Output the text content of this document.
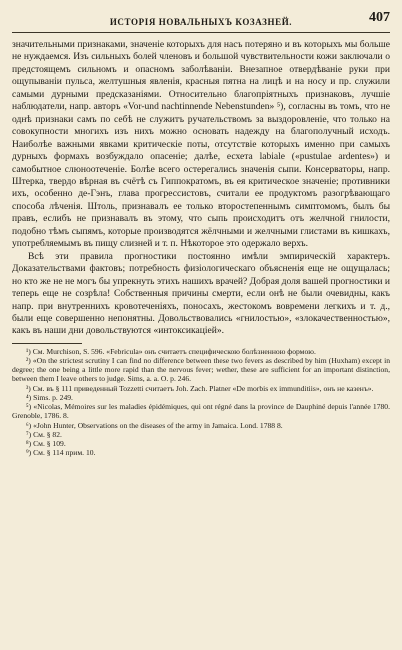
ИСТОРІЯ НОВАЛЬНЫХЪ КОЗАЗНЕЙ.	407

значительными признаками, значеніе которыхъ для насъ потеряно и въ которыхъ мы больше не нуждаемся. Изъ сильныхъ болей членовъ и большой чувствительности кожи заключали о предстоящемъ сильномъ и опасномъ заболѣваніи. Внезапное отвердѣваніе руки при ощупываніи пульса, желтушныя явленія, красныя пятна на лицѣ и на носу и пр. служили самыми дурными предсказаніями. Относительно благопріятныхъ признаковъ, лучшіе наблюдатели, напр. авторъ «Vor-und nachtinnende Nebenstunden» ⁵), согласны въ томъ, что не однѣ признаки самъ по себѣ не служитъ ручательствомъ за выздоровленіе, что только на совокупности многихъ изъ нихъ можно основать надежду на благополучный исходъ. Наиболѣе важными явками критическіе поты, отсутствіе которыхъ именно при самыхъ дурныхъ формахъ возбуждало опасеніе; далѣе, есхета labialе («pustulae ardentes») и самобытное слюноотеченіе. Болѣе всего остерегались значенія сыпи. Консерваторы, напр. Штерка, твердо вѣрная въ счётѣ съ Гиппократомъ, въ ея критическое значеніе; противники ихъ, особенно де-Гэнъ, глава прогрессистовъ, считали ее продуктомъ разогрѣвающаго способа лѣченія. Штоль, признавалъ ее только второстепеннымъ симптомомъ, былъ бы правъ, еслибъ не признавалъ въ этому, что сыпь происходитъ отъ желчной гнилости, подобно тѣмъ сыпямъ, которые производятся жёлчными и желчными глистами въ кишкахъ, употребляемымъ въ пищу слизней и т. п. Нѣкоторое это одержало верхъ.

Всѣ эти правила прогностики постоянно имѣли эмпирическій характеръ. Доказательствами фактовъ; потребность физіологическаго объясненія еще не ощущалась; но кто же не не могъ бы упрекнуть этихъ нашихъ врачей? Добрая доля вашей прогностики и теперь еще не созрѣла! Собственныя причины смерти, если онѣ не были очевидны, какъ напр. при внутреннихъ кровотеченіяхъ, поносахъ, жестокомъ вовремени легкихъ и т. д., были еще совершенно непонятны. Довольствовались «гнилостью», «злокачественностью», какъ въ наши дни довольствуются «интоксикаціей».

¹) См. Murchison, S. 596. «Febricula» онъ считаетъ специфическою болѣзненною формою.

²) «On the strictest scrutiny I can find no difference between these two fevers as described by him (Huxham) except in degree; the one being a little more rapid than the nervous fever; wether, these are sufficient for an important distinction, between them I leave others to judge. Sims, a. a. O. p. 246.

³) См. въ § 111 приведенный Tozzetti считаетъ Joh. Zach. Platner «De morbis ex immunditiis», онъ не казенъ».

⁴) Sims. p. 249.

⁵) «Nicolas, Mémoires sur les maladies épidémiques, qui ont régné dans la province de Dauphiné depuis l'année 1780. Grenoble, 1786. 8.

⁶) «John Hunter, Observations on the diseases of the army in Jamaica. Lond. 1788 8.

⁷) См. § 82.

⁸) См. § 109.

⁹) См. § 114 прим. 10.
